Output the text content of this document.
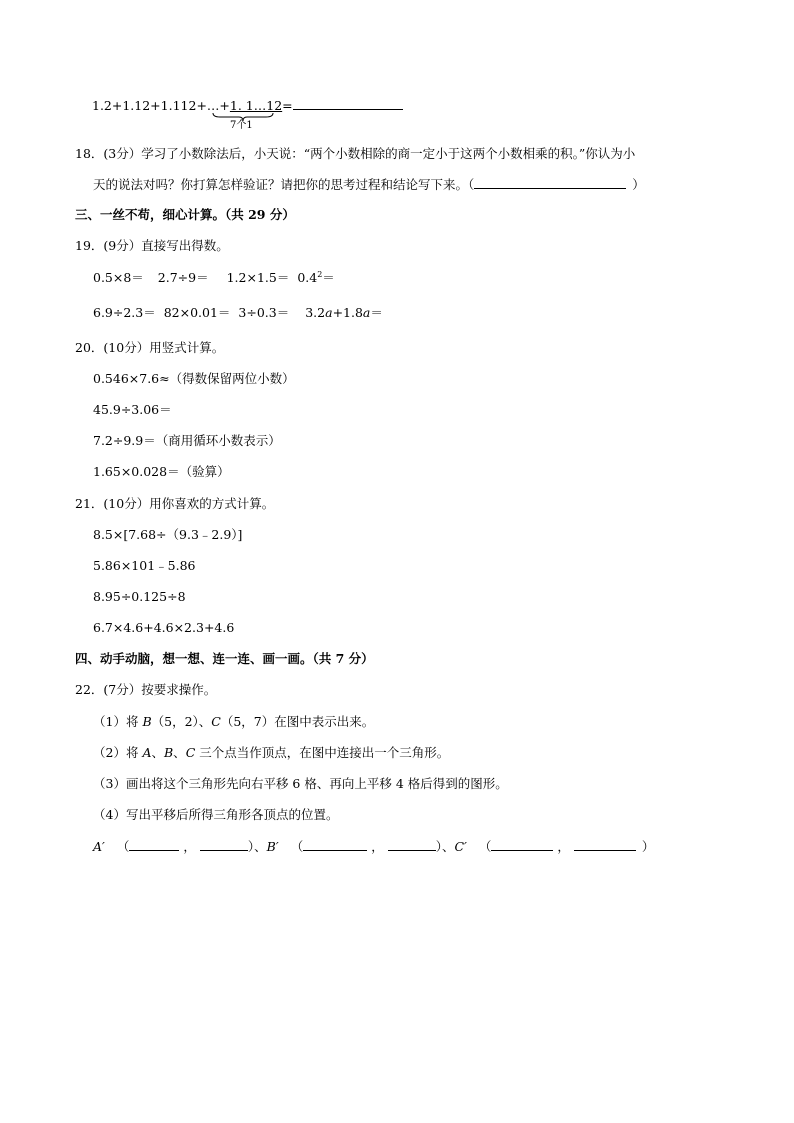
1.2+1.12+1.112+…+1. 1…12=
7个1
18．(3分）学习了小数除法后，小天说：“两个小数相除的商一定小于这两个小数相乘的积。”你认为小
天的说法对吗？你打算怎样验证？请把你的思考过程和结论写下来。（	）
三、一丝不苟，细心计算。（共 29 分）
19．(9分）直接写出得数。
$0.5\times 8= 2.7\div 9= 1.2\times 1.5= 0.4^2=$
6.9÷2.3＝ 82×0.01＝ 3÷0.3＝ 3.2a+1.8a＝
20．(10分）用竖式计算。
0.546×7.6≈（得数保留两位小数）
45.9÷3.06＝
7.2÷9.9＝（商用循环小数表示）
1.65×0.028＝（验算）
21．(10分）用你喜欢的方式计算。
8.5×[7.68÷（9.3﹣2.9）]
5.86×101﹣5.86
8.95÷0.125÷8
6.7×4.6+4.6×2.3+4.6
四、动手动脑，想一想、连一连、画一画。（共 7 分）
22．(7分）按要求操作。
（1）将 B（5，2）、C（5，7）在图中表示出来。
（2）将 A、B、C 三个点当作顶点，在图中连接出一个三角形。
（3）画出将这个三角形先向右平移 6 格、再向上平移 4 格后得到的图形。
（4）写出平移后所得三角形各顶点的位置。
A′ （	，	）、B′ （	，	）、C′ （	，	）
